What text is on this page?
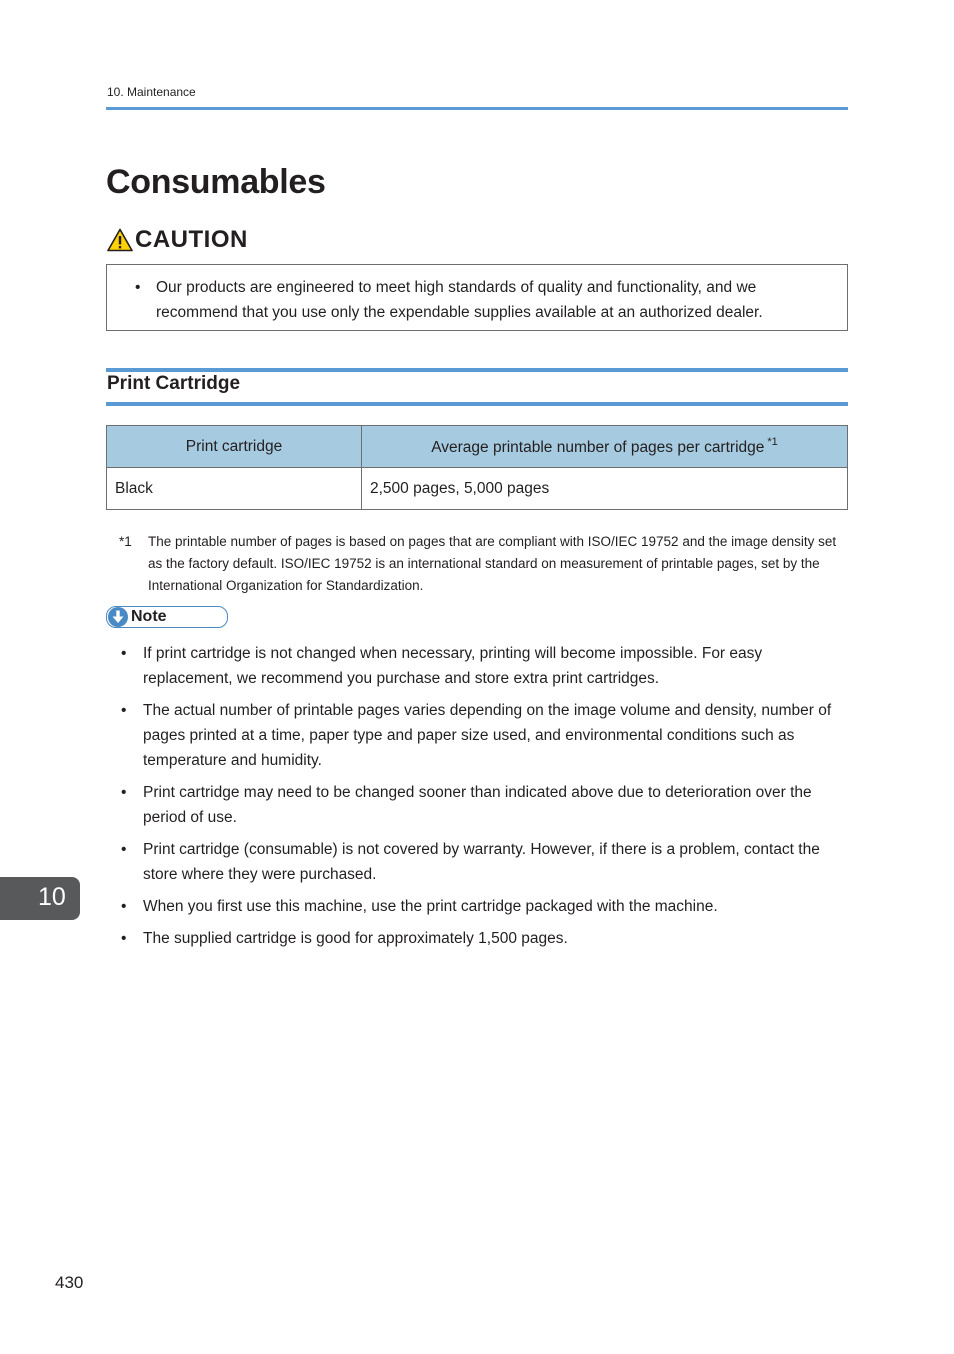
10. Maintenance
Consumables
CAUTION
• Our products are engineered to meet high standards of quality and functionality, and we recommend that you use only the expendable supplies available at an authorized dealer.
Print Cartridge
Print cartridge	Average printable number of pages per cartridge $^{*1}$
Black	2,500 pages, 5,000 pages
*1 The printable number of pages is based on pages that are compliant with ISO/IEC 19752 and the image density set as the factory default. ISO/IEC 19752 is an international standard on measurement of printable pages, set by the International Organization for Standardization.
Note
• If print cartridge is not changed when necessary, printing will become impossible. For easy replacement, we recommend you purchase and store extra print cartridges.
• The actual number of printable pages varies depending on the image volume and density, number of pages printed at a time, paper type and paper size used, and environmental conditions such as temperature and humidity.
• Print cartridge may need to be changed sooner than indicated above due to deterioration over the period of use.
• Print cartridge (consumable) is not covered by warranty. However, if there is a problem, contact the store where they were purchased.
• When you first use this machine, use the print cartridge packaged with the machine.
• The supplied cartridge is good for approximately 1,500 pages.
10
430
